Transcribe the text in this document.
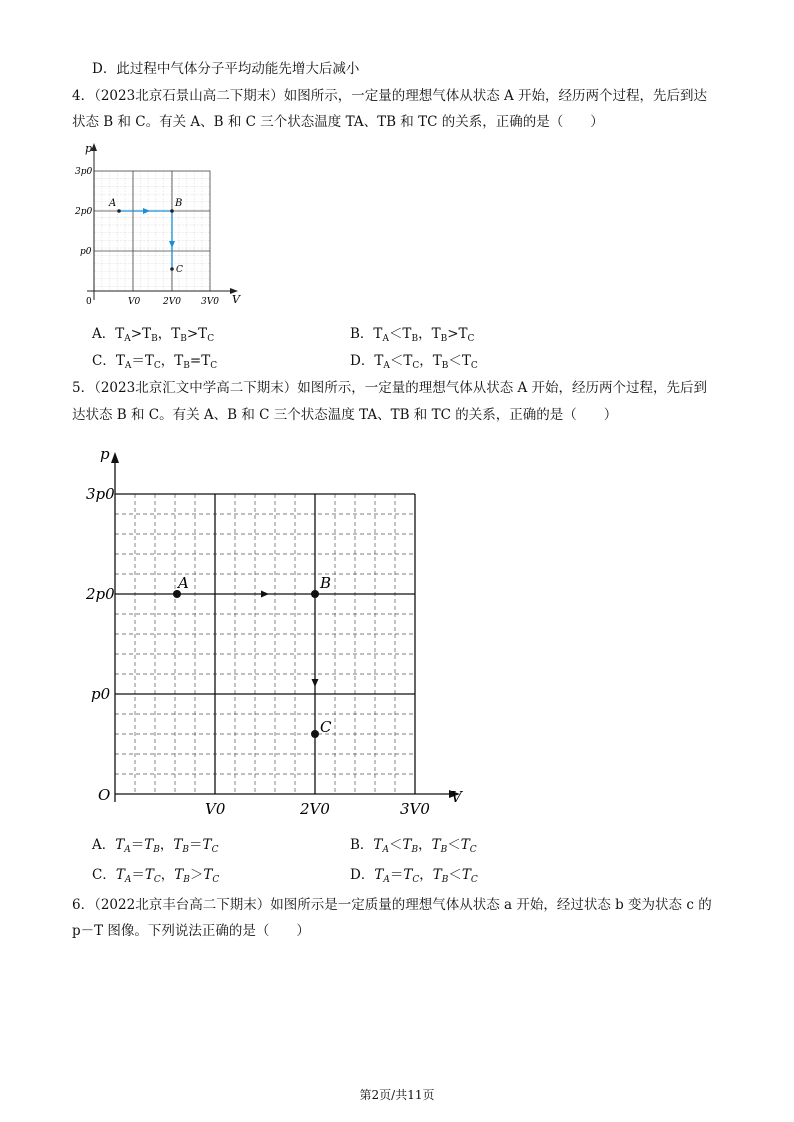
D．此过程中气体分子平均动能先增大后减小
4．（2023北京石景山高二下期末）如图所示，一定量的理想气体从状态 A 开始，经历两个过程，先后到达
状态 B 和 C。有关 A、B 和 C 三个状态温度 TA、TB 和 TC 的关系，正确的是（　　）
p
V
0
3p0
2p0
p0
V0	2V0 3V0
A	B
C
A．$T_A>T_B$，$T_B>T_C$	B．$T_A<T_B$，$T_B>T_C$
C．$T_A=T_C$，$T_B=T_C$	D．$T_A<T_C$，$T_B<T_C$
5．（2023北京汇文中学高二下期末）如图所示，一定量的理想气体从状态 A 开始，经历两个过程，先后到
达状态 B 和 C。有关 A、B 和 C 三个状态温度 TA、TB 和 TC 的关系，正确的是（　　）
p
V
O
3p0
2p0
p0
V0	2V0	3V0
A	B
C
A．$T_A=T_B$，$T_B=T_C$	B．$T_A<T_B$，$T_B<T_C$
C．$T_A=T_C$，$T_B>T_C$	D．$T_A=T_C$，$T_B<T_C$
6．（2022北京丰台高二下期末）如图所示是一定质量的理想气体从状态 a 开始，经过状态 b 变为状态 c 的
p－T 图像。下列说法正确的是（　　）
第2页/共11页
